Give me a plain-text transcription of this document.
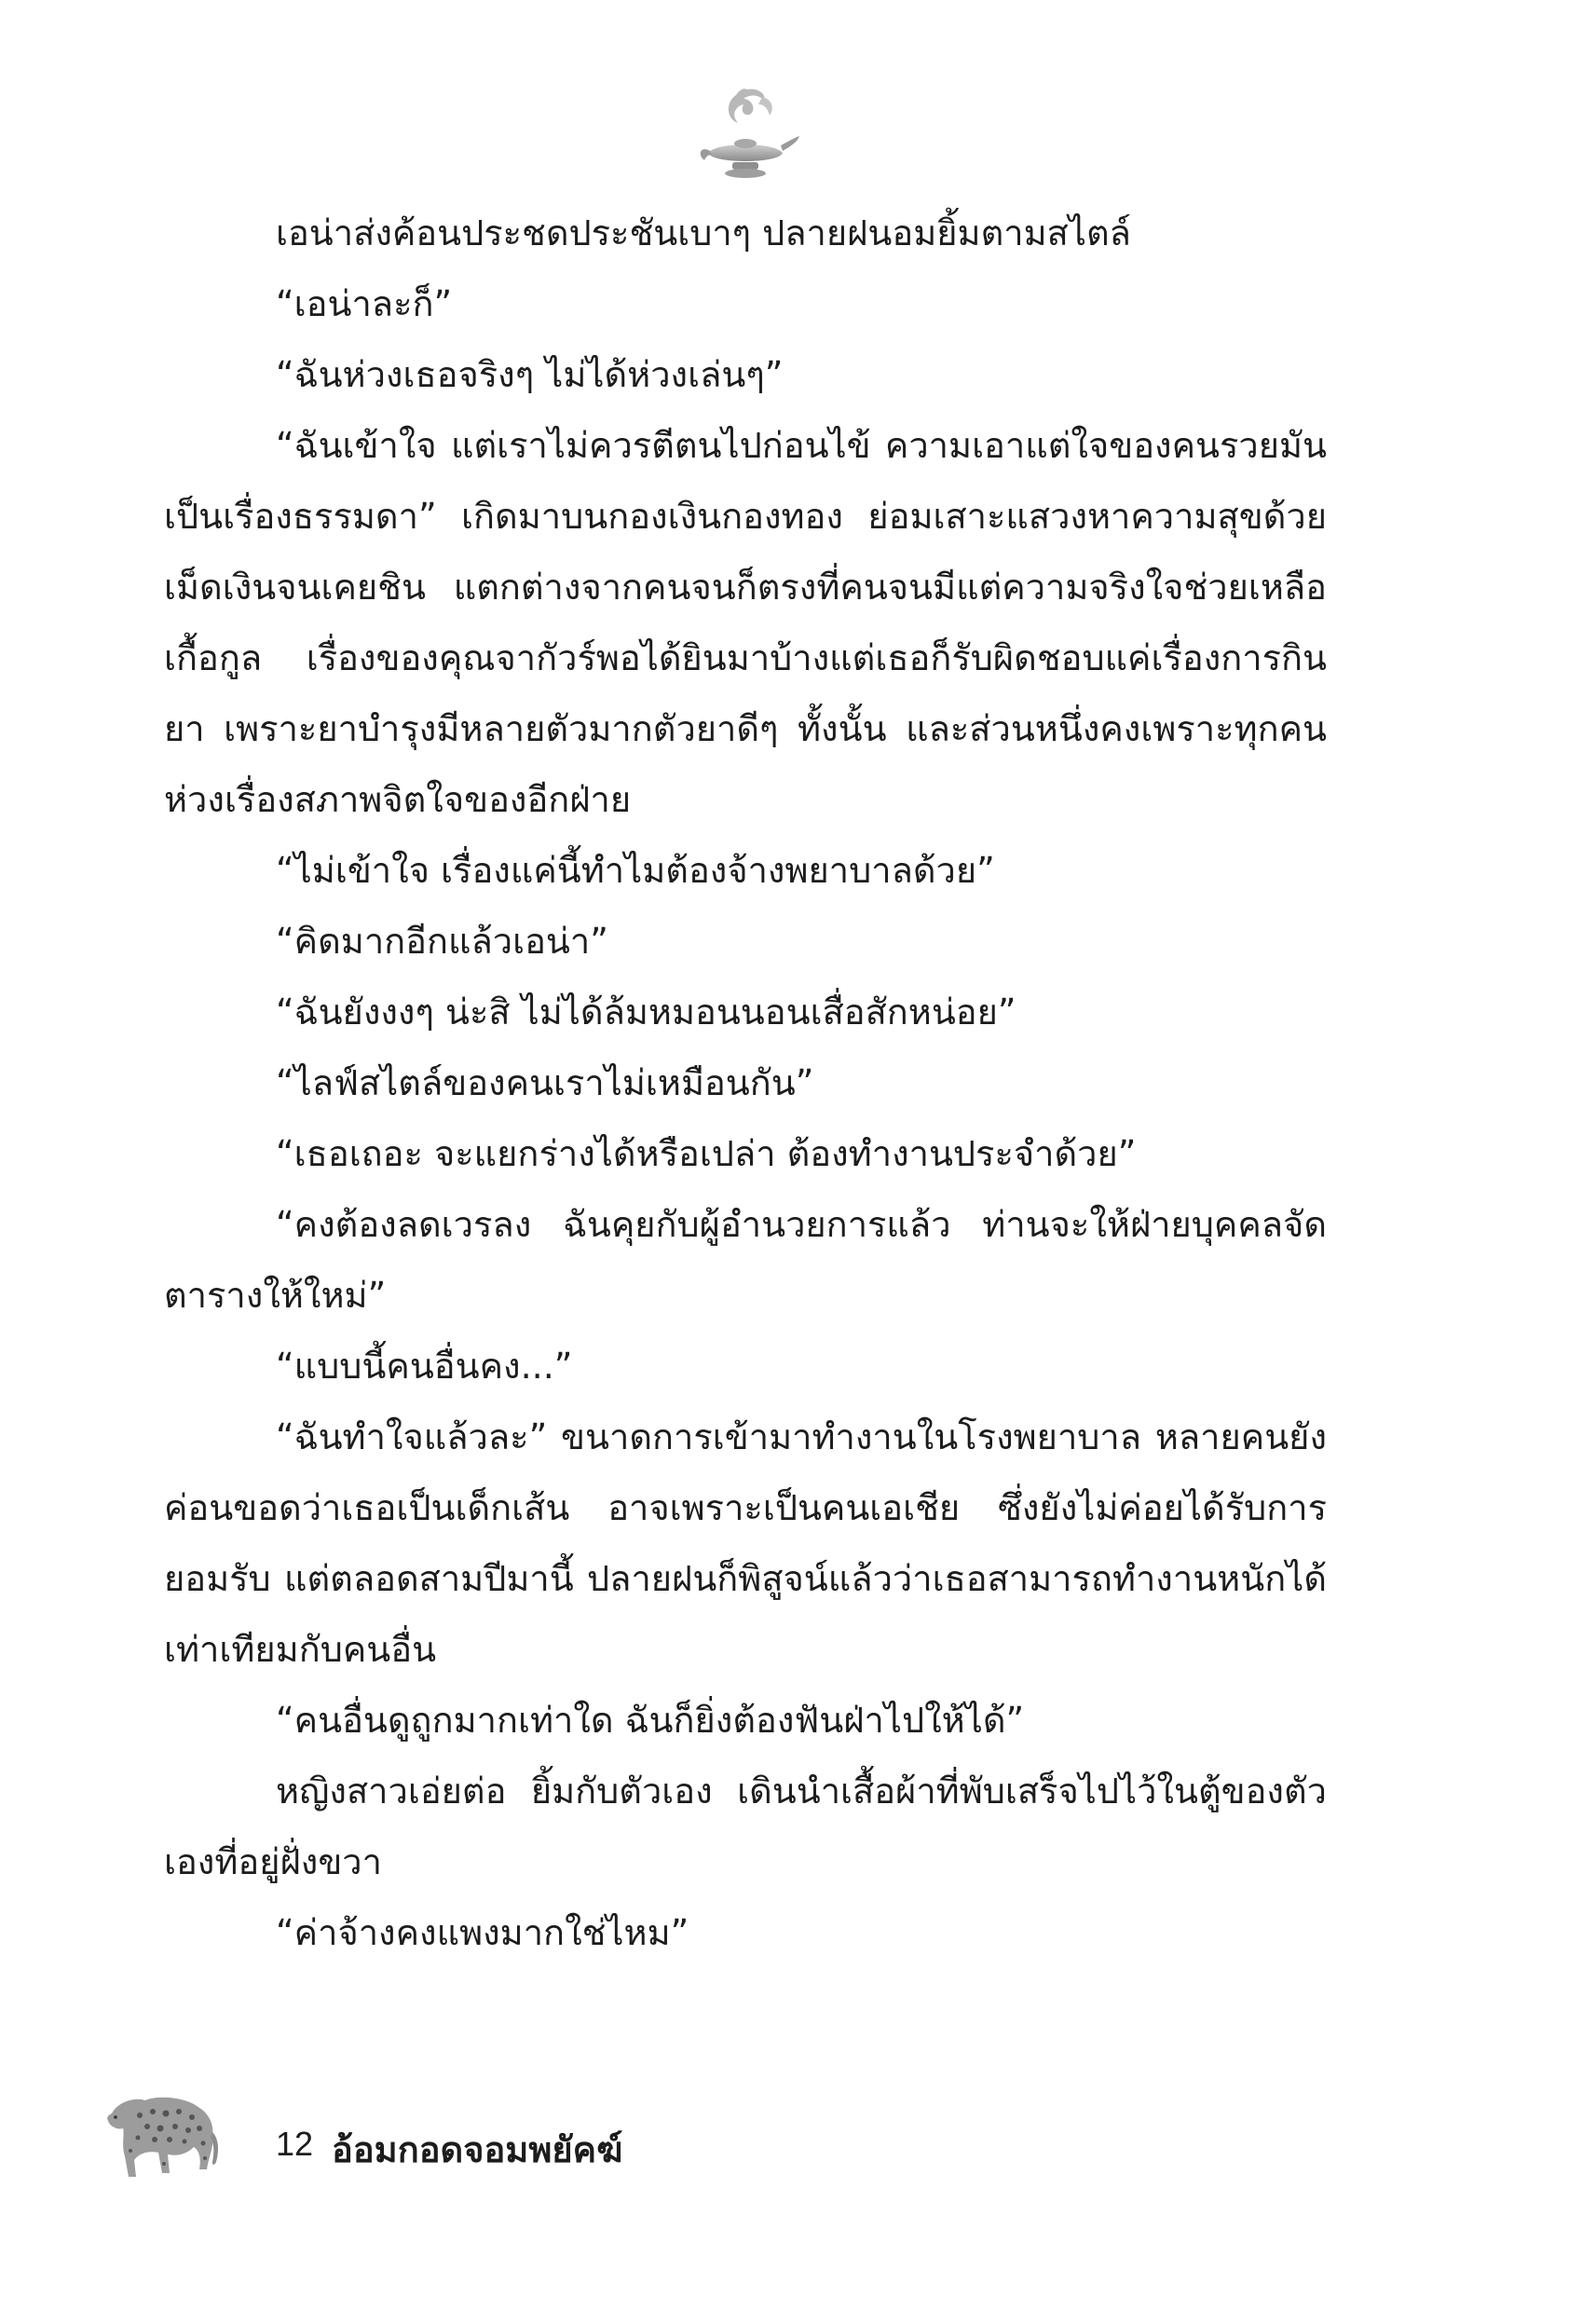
เอน่าส่งค้อนประชดประชันเบาๆ ปลายฝนอมยิ้มตามสไตล์

“เอน่าละก็”

“ฉันห่วงเธอจริงๆ ไม่ได้ห่วงเล่นๆ”

“ฉันเข้าใจ แต่เราไม่ควรตีตนไปก่อนไข้ ความเอาแต่ใจของคนรวยมันเป็นเรื่องธรรมดา” เกิดมาบนกองเงินกองทอง ย่อมเสาะแสวงหาความสุขด้วยเม็ดเงินจนเคยชิน แตกต่างจากคนจนก็ตรงที่คนจนมีแต่ความจริงใจช่วยเหลือเกื้อกูล เรื่องของคุณจากัวร์พอได้ยินมาบ้างแต่เธอก็รับผิดชอบแค่เรื่องการกินยา เพราะยาบำรุงมีหลายตัวมากตัวยาดีๆ ทั้งนั้น และส่วนหนึ่งคงเพราะทุกคนห่วงเรื่องสภาพจิตใจของอีกฝ่าย

“ไม่เข้าใจ เรื่องแค่นี้ทำไมต้องจ้างพยาบาลด้วย”

“คิดมากอีกแล้วเอน่า”

“ฉันยังงงๆ น่ะสิ ไม่ได้ล้มหมอนนอนเสื่อสักหน่อย”

“ไลฟ์สไตล์ของคนเราไม่เหมือนกัน”

“เธอเถอะ จะแยกร่างได้หรือเปล่า ต้องทำงานประจำด้วย”

“คงต้องลดเวรลง ฉันคุยกับผู้อำนวยการแล้ว ท่านจะให้ฝ่ายบุคคลจัดตารางให้ใหม่”

“แบบนี้คนอื่นคง...”

“ฉันทำใจแล้วละ” ขนาดการเข้ามาทำงานในโรงพยาบาล หลายคนยังค่อนขอดว่าเธอเป็นเด็กเส้น อาจเพราะเป็นคนเอเชีย ซึ่งยังไม่ค่อยได้รับการยอมรับ แต่ตลอดสามปีมานี้ ปลายฝนก็พิสูจน์แล้วว่าเธอสามารถทำงานหนักได้เท่าเทียมกับคนอื่น

“คนอื่นดูถูกมากเท่าใด ฉันก็ยิ่งต้องฟันฝ่าไปให้ได้”

หญิงสาวเอ่ยต่อ ยิ้มกับตัวเอง เดินนำเสื้อผ้าที่พับเสร็จไปไว้ในตู้ของตัวเองที่อยู่ฝั่งขวา

“ค่าจ้างคงแพงมากใช่ไหม”

12 อ้อมกอดจอมพยัคฆ์
